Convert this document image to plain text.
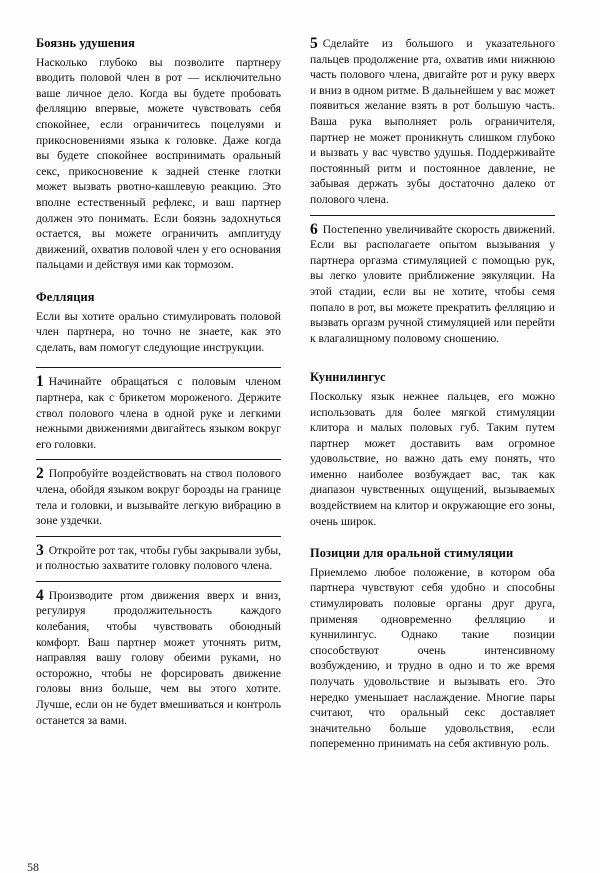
Боязнь удушения

Насколько глубоко вы позволите партнеру вводить половой член в рот — исключительно ваше личное дело. Когда вы будете пробовать фелляцию впервые, можете чувствовать себя спокойнее, если ограничитесь поцелуями и прикосновениями языка к головке. Даже когда вы будете спокойнее воспринимать оральный секс, прикосновение к задней стенке глотки может вызвать рвотно-кашлевую реакцию. Это вполне естественный рефлекс, и ваш партнер должен это понимать. Если боязнь задохнуться остается, вы можете ограничить амплитуду движений, охватив половой член у его основания пальцами и действуя ими как тормозом.

Фелляция

Если вы хотите орально стимулировать половой член партнера, но точно не знаете, как это сделать, вам помогут следующие инструкции.

1 Начинайте обращаться с половым членом партнера, как с брикетом мороженого. Держите ствол полового члена в одной руке и легкими нежными движениями двигайтесь языком вокруг его головки.

2 Попробуйте воздействовать на ствол полового члена, обойдя языком вокруг борозды на границе тела и головки, и вызывайте легкую вибрацию в зоне уздечки.

3 Откройте рот так, чтобы губы закрывали зубы, и полностью захватите головку полового члена.

4 Производите ртом движения вверх и вниз, регулируя продолжительность каждого колебания, чтобы чувствовать обоюдный комфорт. Ваш партнер может уточнять ритм, направляя вашу голову обеими руками, но осторожно, чтобы не форсировать движение головы вниз больше, чем вы этого хотите. Лучше, если он не будет вмешиваться и контроль останется за вами.

5 Сделайте из большого и указательного пальцев продолжение рта, охватив ими нижнюю часть полового члена, двигайте рот и руку вверх и вниз в одном ритме. В дальнейшем у вас может появиться желание взять в рот большую часть. Ваша рука выполняет роль ограничителя, партнер не может проникнуть слишком глубоко и вызвать у вас чувство удушья. Поддерживайте постоянный ритм и постоянное давление, не забывая держать зубы достаточно далеко от полового члена.

6 Постепенно увеличивайте скорость движений. Если вы располагаете опытом вызывания у партнера оргазма стимуляцией с помощью рук, вы легко уловите приближение эякуляции. На этой стадии, если вы не хотите, чтобы семя попало в рот, вы можете прекратить фелляцию и вызвать оргазм ручной стимуляцией или перейти к влагалищному половому сношению.

Куннилингус

Поскольку язык нежнее пальцев, его можно использовать для более мягкой стимуляции клитора и малых половых губ. Таким путем партнер может доставить вам огромное удовольствие, но важно дать ему понять, что именно наиболее возбуждает вас, так как диапазон чувственных ощущений, вызываемых воздействием на клитор и окружающие его зоны, очень широк.

Позиции для оральной стимуляции

Приемлемо любое положение, в котором оба партнера чувствуют себя удобно и способны стимулировать половые органы друг друга, применяя одновременно фелляцию и куннилингус. Однако такие позиции способствуют очень интенсивному возбуждению, и трудно в одно и то же время получать удовольствие и вызывать его. Это нередко уменьшает наслаждение. Многие пары считают, что оральный секс доставляет значительно больше удовольствия, если попеременно принимать на себя активную роль.

58
